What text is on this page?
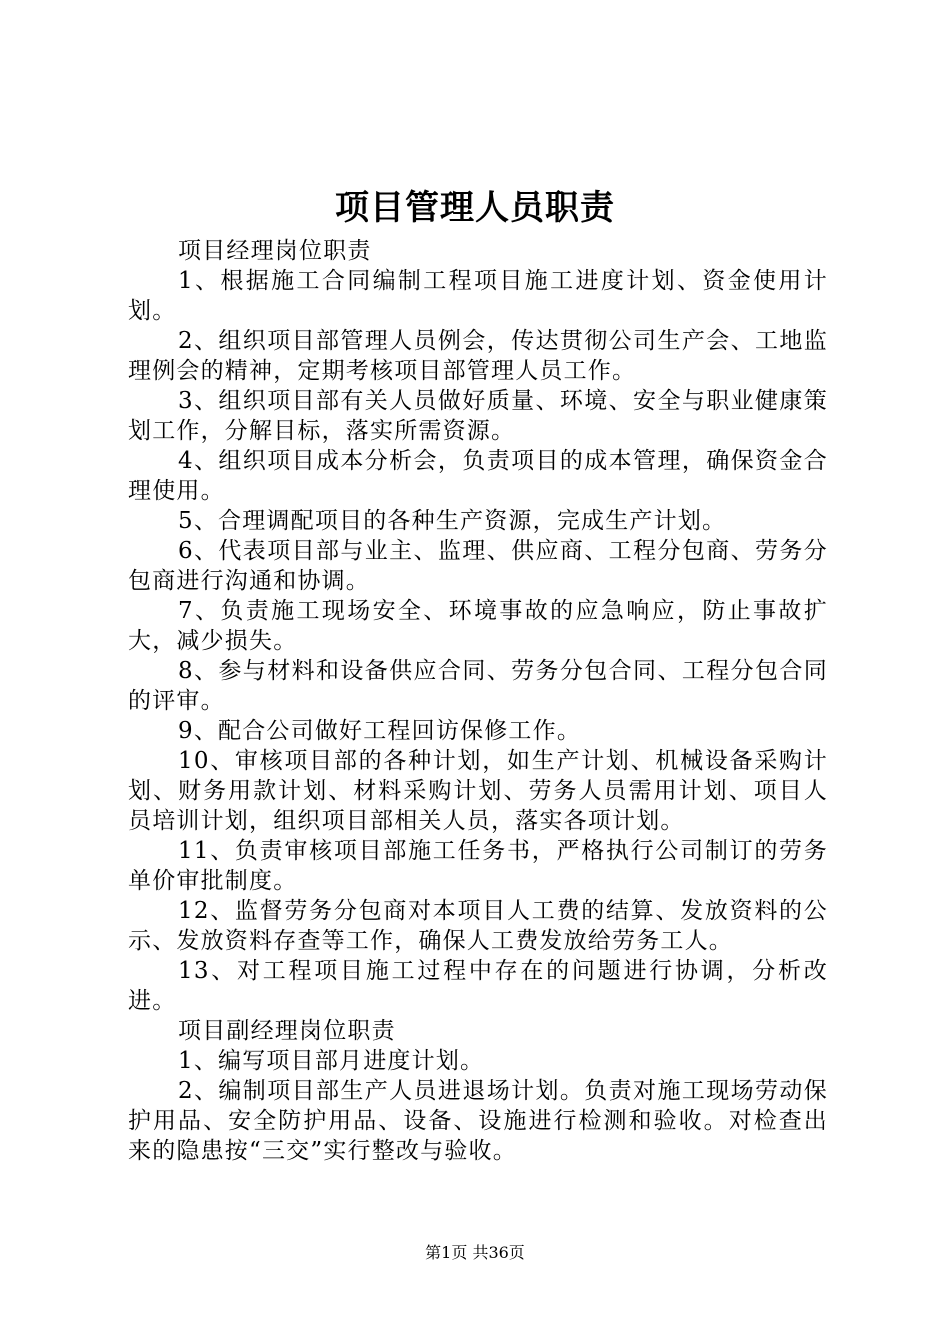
项目管理人员职责

项目经理岗位职责

1、根据施工合同编制工程项目施工进度计划、资金使用计划。

2、组织项目部管理人员例会，传达贯彻公司生产会、工地监理例会的精神，定期考核项目部管理人员工作。

3、组织项目部有关人员做好质量、环境、安全与职业健康策划工作，分解目标，落实所需资源。

4、组织项目成本分析会，负责项目的成本管理，确保资金合理使用。

5、合理调配项目的各种生产资源，完成生产计划。

6、代表项目部与业主、监理、供应商、工程分包商、劳务分包商进行沟通和协调。

7、负责施工现场安全、环境事故的应急响应，防止事故扩大，减少损失。

8、参与材料和设备供应合同、劳务分包合同、工程分包合同的评审。

9、配合公司做好工程回访保修工作。

10、审核项目部的各种计划，如生产计划、机械设备采购计划、财务用款计划、材料采购计划、劳务人员需用计划、项目人员培训计划，组织项目部相关人员，落实各项计划。

11、负责审核项目部施工任务书，严格执行公司制订的劳务单价审批制度。

12、监督劳务分包商对本项目人工费的结算、发放资料的公示、发放资料存查等工作，确保人工费发放给劳务工人。

13、对工程项目施工过程中存在的问题进行协调，分析改进。

项目副经理岗位职责

1、编写项目部月进度计划。

2、编制项目部生产人员进退场计划。负责对施工现场劳动保护用品、安全防护用品、设备、设施进行检测和验收。对检查出来的隐患按“三交”实行整改与验收。

第1页 共36页
